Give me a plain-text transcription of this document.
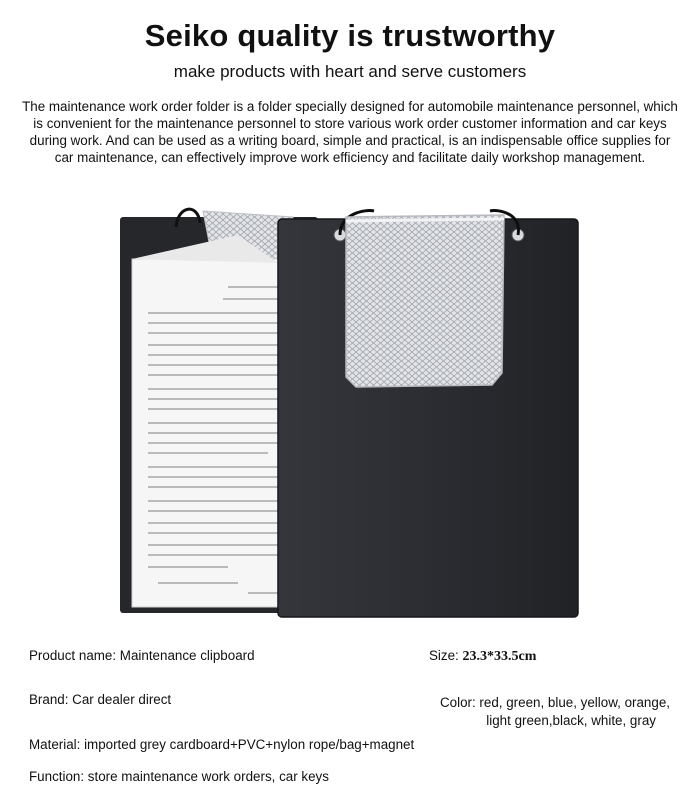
Seiko quality is trustworthy

make products with heart and serve customers

The maintenance work order folder is a folder specially designed for automobile maintenance personnel, which is convenient for the maintenance personnel to store various work order customer information and car keys during work. And can be used as a writing board, simple and practical, is an indispensable office supplies for car maintenance, can effectively improve work efficiency and facilitate daily workshop management.

Product name: Maintenance clipboard	Size: 23.3*33.5cm
Brand: Car dealer direct	Color: red, green, blue, yellow, orange,
light green,black, white, gray
Material: imported grey cardboard+PVC+nylon rope/bag+magnet
Function: store maintenance work orders, car keys
